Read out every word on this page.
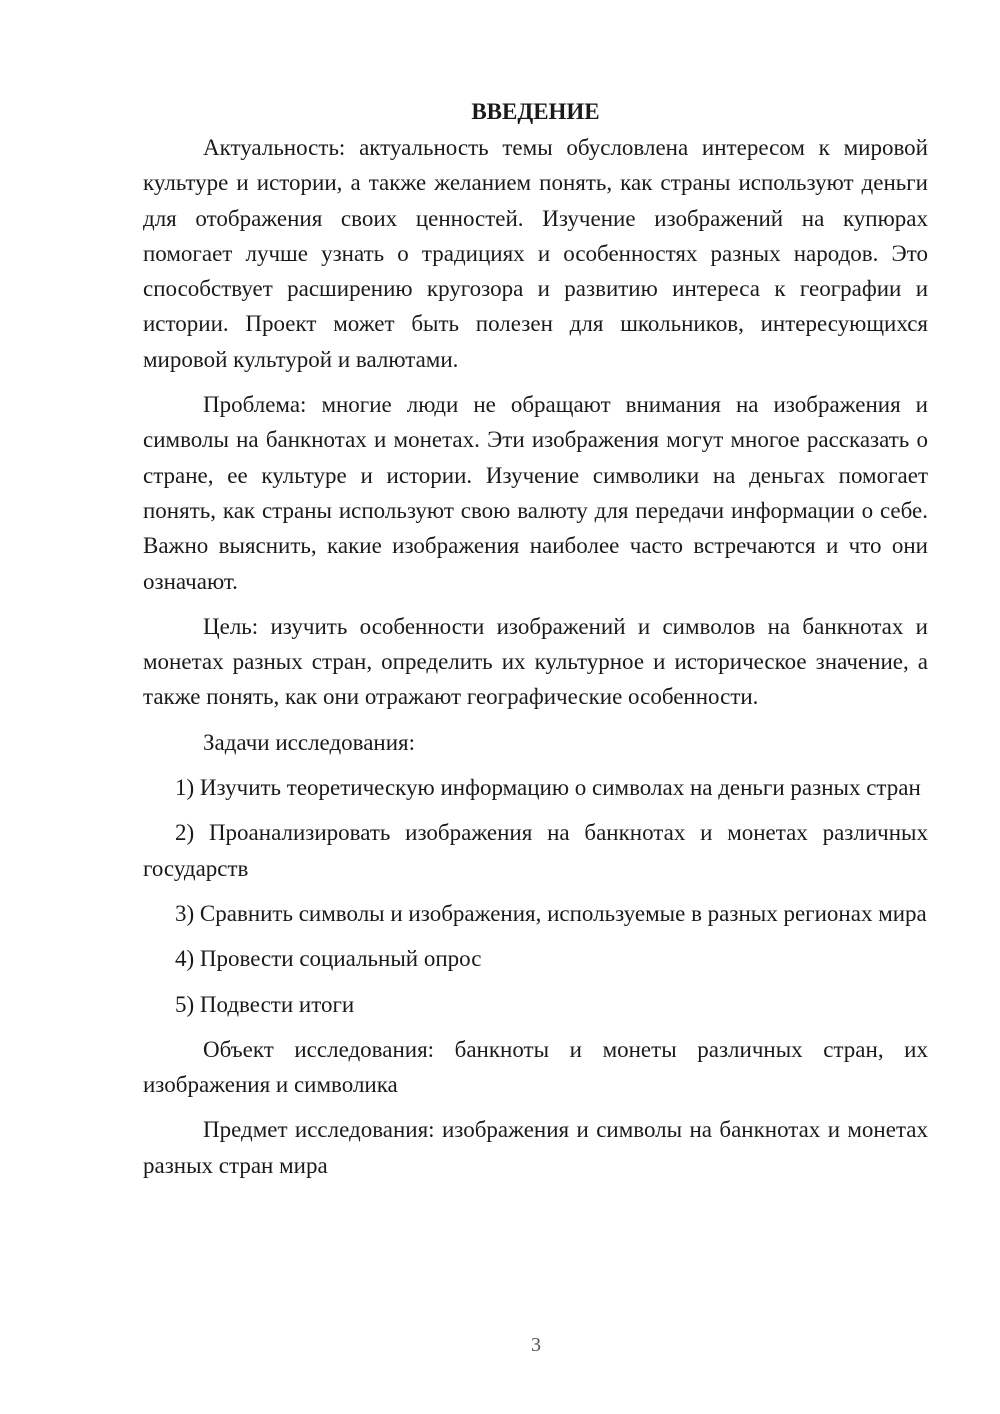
ВВЕДЕНИЕ

Актуальность: актуальность темы обусловлена интересом к мировой культуре и истории, а также желанием понять, как страны используют деньги для отображения своих ценностей. Изучение изображений на купюрах помогает лучше узнать о традициях и особенностях разных народов. Это способствует расширению кругозора и развитию интереса к географии и истории. Проект может быть полезен для школьников, интересующихся мировой культурой и валютами.

Проблема: многие люди не обращают внимания на изображения и символы на банкнотах и монетах. Эти изображения могут многое рассказать о стране, ее культуре и истории. Изучение символики на деньгах помогает понять, как страны используют свою валюту для передачи информации о себе. Важно выяснить, какие изображения наиболее часто встречаются и что они означают.

Цель: изучить особенности изображений и символов на банкнотах и монетах разных стран, определить их культурное и историческое значение, а также понять, как они отражают географические особенности.

Задачи исследования:

1) Изучить теоретическую информацию о символах на деньги разных стран

2) Проанализировать изображения на банкнотах и монетах различных государств

3) Сравнить символы и изображения, используемые в разных регионах мира

4) Провести социальный опрос

5) Подвести итоги

Объект исследования: банкноты и монеты различных стран, их изображения и символика

Предмет исследования: изображения и символы на банкнотах и монетах разных стран мира

3
